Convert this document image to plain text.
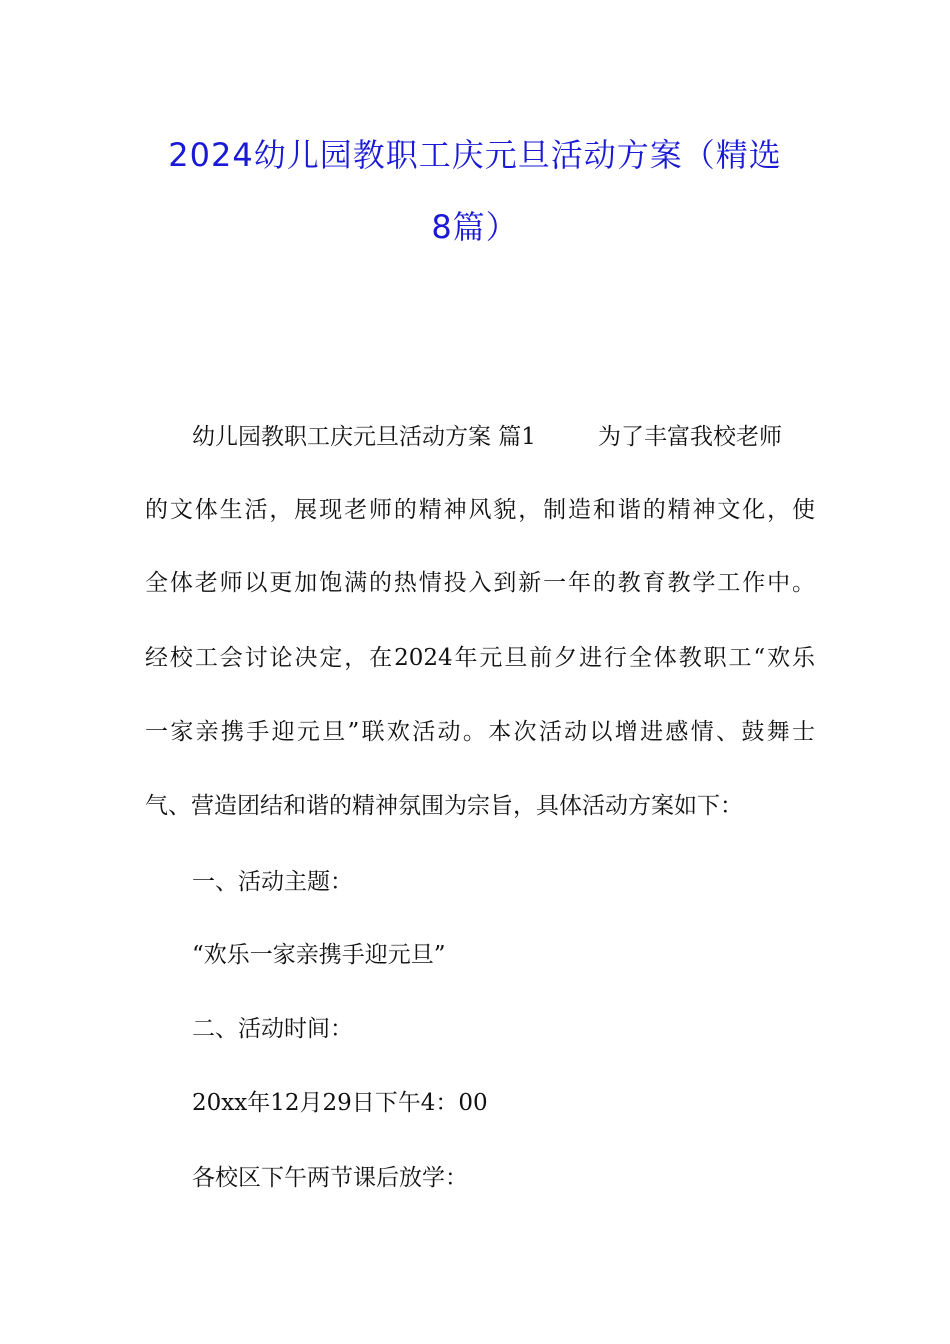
2024幼儿园教职工庆元旦活动方案（精选
8篇）
幼儿园教职工庆元旦活动方案 篇1	为了丰富我校老师
的文体生活，展现老师的精神风貌，制造和谐的精神文化，使
全体老师以更加饱满的热情投入到新一年的教育教学工作中。
经校工会讨论决定，在2024年元旦前夕进行全体教职工“欢乐
一家亲携手迎元旦”联欢活动。本次活动以增进感情、鼓舞士
气、营造团结和谐的精神氛围为宗旨，具体活动方案如下：
一、活动主题：
“欢乐一家亲携手迎元旦”
二、活动时间：
20xx年12月29日下午4：00
各校区下午两节课后放学：
